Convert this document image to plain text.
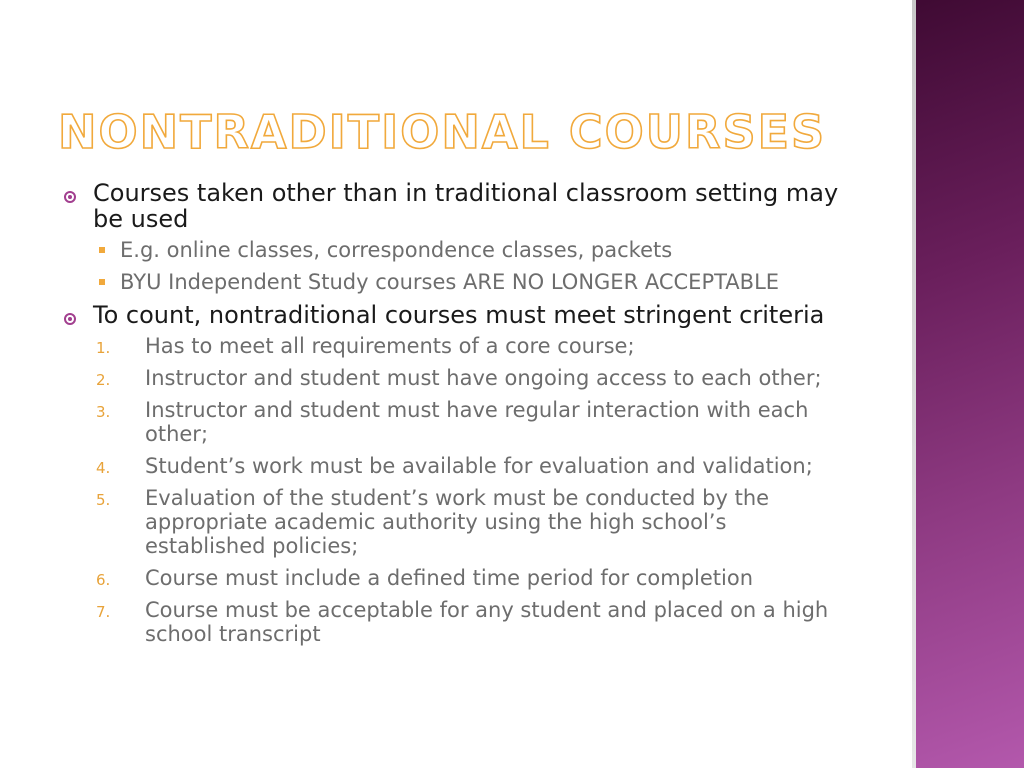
NONTRADITIONAL COURSES
Courses taken other than in traditional classroom setting may be used
E.g. online classes, correspondence classes, packets
BYU Independent Study courses ARE NO LONGER ACCEPTABLE
To count, nontraditional courses must meet stringent criteria
1. Has to meet all requirements of a core course;
2. Instructor and student must have ongoing access to each other;
3. Instructor and student must have regular interaction with each other;
4. Student’s work must be available for evaluation and validation;
5. Evaluation of the student’s work must be conducted by the appropriate academic authority using the high school’s established policies;
6. Course must include a defined time period for completion
7. Course must be acceptable for any student and placed on a high school transcript
